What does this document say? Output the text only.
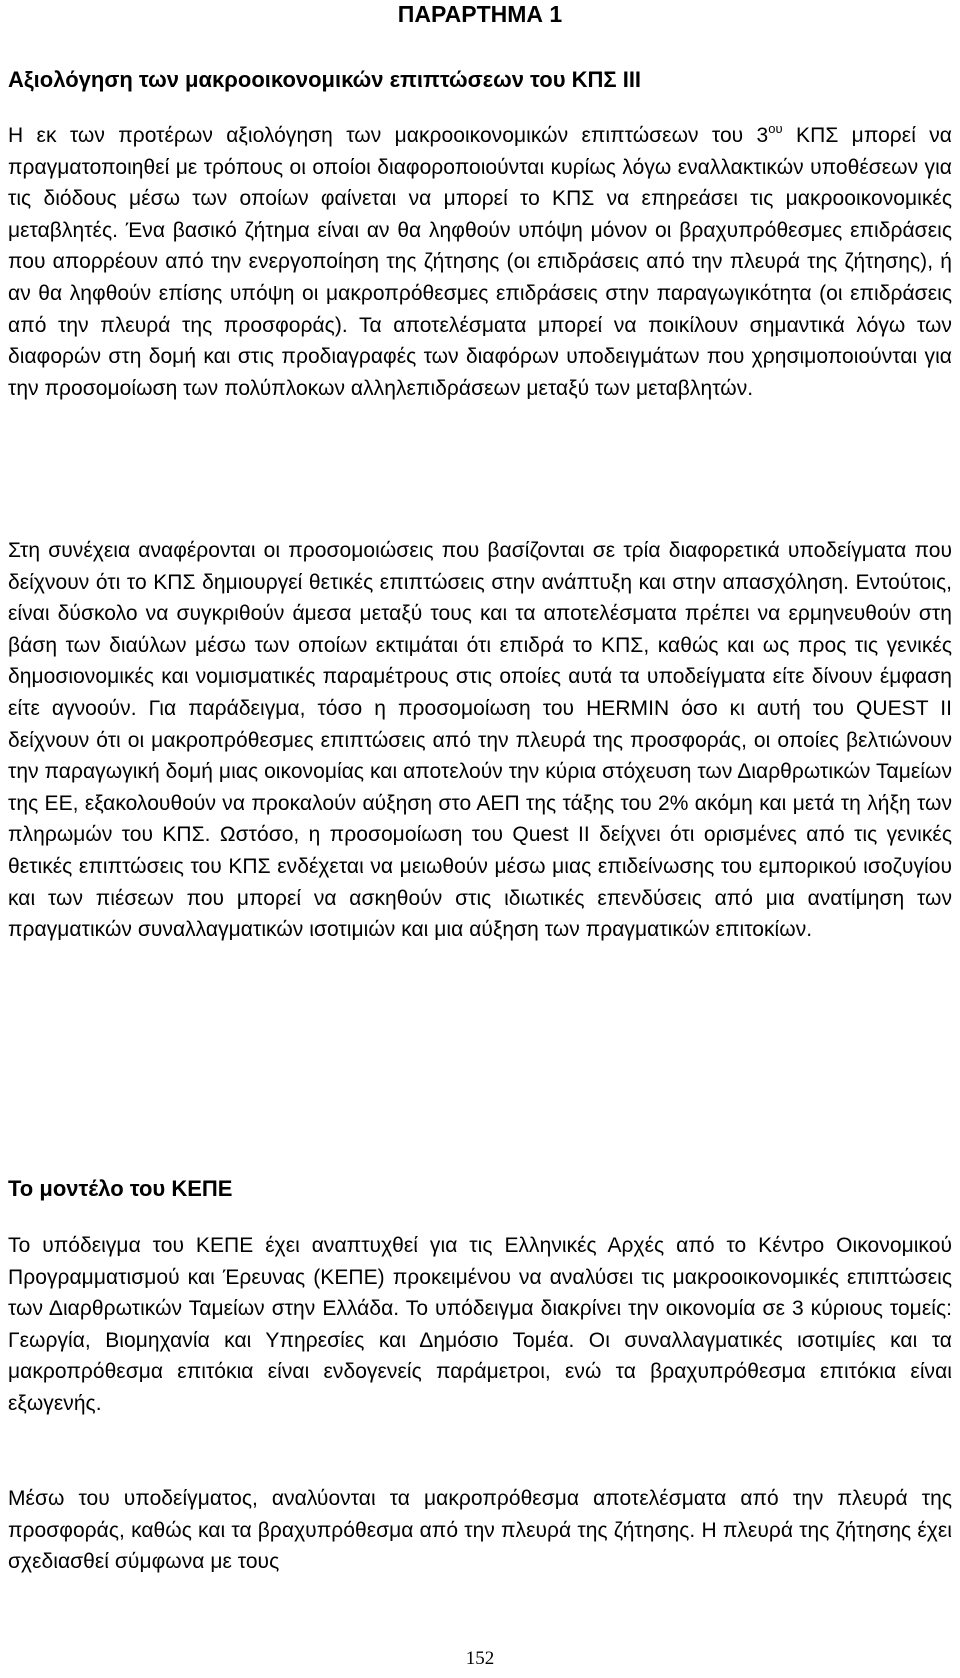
ΠΑΡΑΡΤΗΜΑ 1
Αξιολόγηση των μακροοικονομικών επιπτώσεων του ΚΠΣ ΙΙΙ

Η εκ των προτέρων αξιολόγηση των μακροοικονομικών επιπτώσεων του $3^{o\upsilon}$ ΚΠΣ μπορεί να πραγματοποιηθεί με τρόπους οι οποίοι διαφοροποιούνται κυρίως λόγω εναλλακτικών υποθέσεων για τις διόδους μέσω των οποίων φαίνεται να μπορεί το ΚΠΣ να επηρεάσει τις μακροοικονομικές μεταβλητές. Ένα βασικό ζήτημα είναι αν θα ληφθούν υπόψη μόνον οι βραχυπρόθεσμες επιδράσεις που απορρέουν από την ενεργοποίηση της ζήτησης (οι επιδράσεις από την πλευρά της ζήτησης), ή αν θα ληφθούν επίσης υπόψη οι μακροπρόθεσμες επιδράσεις στην παραγωγικότητα (οι επιδράσεις από την πλευρά της προσφοράς). Τα αποτελέσματα μπορεί να ποικίλουν σημαντικά λόγω των διαφορών στη δομή και στις προδιαγραφές των διαφόρων υποδειγμάτων που χρησιμοποιούνται για την προσομοίωση των πολύπλοκων αλληλεπιδράσεων μεταξύ των μεταβλητών.

Στη συνέχεια αναφέρονται οι προσομοιώσεις που βασίζονται σε τρία διαφορετικά υποδείγματα που δείχνουν ότι το ΚΠΣ δημιουργεί θετικές επιπτώσεις στην ανάπτυξη και στην απασχόληση. Εντούτοις, είναι δύσκολο να συγκριθούν άμεσα μεταξύ τους και τα αποτελέσματα πρέπει να ερμηνευθούν στη βάση των διαύλων μέσω των οποίων εκτιμάται ότι επιδρά το ΚΠΣ, καθώς και ως προς τις γενικές δημοσιονομικές και νομισματικές παραμέτρους στις οποίες αυτά τα υποδείγματα είτε δίνουν έμφαση είτε αγνοούν. Για παράδειγμα, τόσο η προσομοίωση του HERMIN όσο κι αυτή του QUEST II δείχνουν ότι οι μακροπρόθεσμες επιπτώσεις από την πλευρά της προσφοράς, οι οποίες βελτιώνουν την παραγωγική δομή μιας οικονομίας και αποτελούν την κύρια στόχευση των Διαρθρωτικών Ταμείων της ΕΕ, εξακολουθούν να προκαλούν αύξηση στο ΑΕΠ της τάξης του 2% ακόμη και μετά τη λήξη των πληρωμών του ΚΠΣ. Ωστόσο, η προσομοίωση του Quest II δείχνει ότι ορισμένες από τις γενικές θετικές επιπτώσεις του ΚΠΣ ενδέχεται να μειωθούν μέσω μιας επιδείνωσης του εμπορικού ισοζυγίου και των πιέσεων που μπορεί να ασκηθούν στις ιδιωτικές επενδύσεις από μια ανατίμηση των πραγματικών συναλλαγματικών ισοτιμιών και μια αύξηση των πραγματικών επιτοκίων.

Το μοντέλο του ΚΕΠΕ

Το υπόδειγμα του ΚΕΠΕ έχει αναπτυχθεί για τις Ελληνικές Αρχές από το Κέντρο Οικονομικού Προγραμματισμού και Έρευνας (ΚΕΠΕ) προκειμένου να αναλύσει τις μακροοικονομικές επιπτώσεις των Διαρθρωτικών Ταμείων στην Ελλάδα. Το υπόδειγμα διακρίνει την οικονομία σε 3 κύριους τομείς: Γεωργία, Βιομηχανία και Υπηρεσίες και Δημόσιο Τομέα. Οι συναλλαγματικές ισοτιμίες και τα μακροπρόθεσμα επιτόκια είναι ενδογενείς παράμετροι, ενώ τα βραχυπρόθεσμα επιτόκια είναι εξωγενής.

Μέσω του υποδείγματος, αναλύονται τα μακροπρόθεσμα αποτελέσματα από την πλευρά της προσφοράς, καθώς και τα βραχυπρόθεσμα από την πλευρά της ζήτησης. Η πλευρά της ζήτησης έχει σχεδιασθεί σύμφωνα με τους

152
